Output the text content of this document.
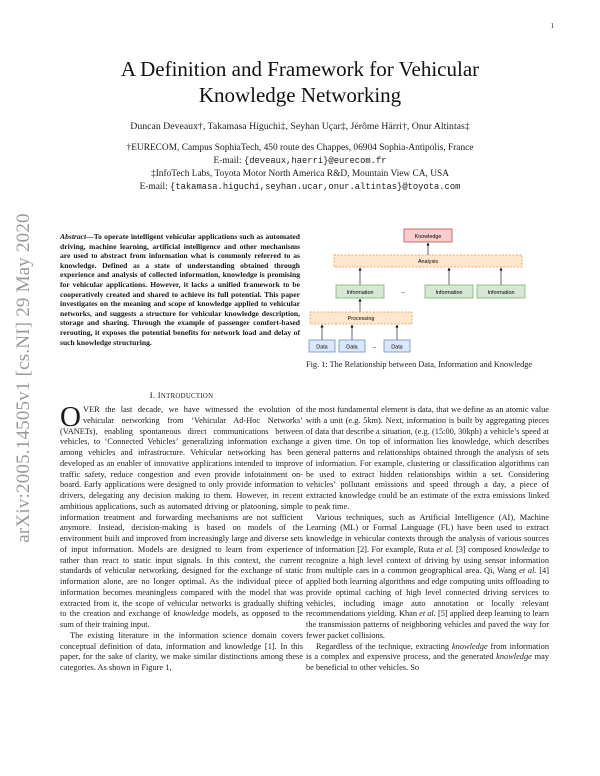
1
arXiv:2005.14505v1 [cs.NI] 29 May 2020
A Definition and Framework for Vehicular
Knowledge Networking
Duncan Deveaux†, Takamasa Higuchi‡, Seyhan Uçar‡, Jérôme Härri†, Onur Altintas‡
†EURECOM, Campus SophiaTech, 450 route des Chappes, 06904 Sophia-Antipolis, France
E-mail: {deveaux,haerri}@eurecom.fr
‡InfoTech Labs, Toyota Motor North America R&D, Mountain View CA, USA
E-mail: {takamasa.higuchi,seyhan.ucar,onur.altintas}@toyota.com
Abstract—To operate intelligent vehicular applications such as automated driving, machine learning, artificial intelligence and other mechanisms are used to abstract from information what is commonly referred to as knowledge. Defined as a state of understanding obtained through experience and analysis of collected information, knowledge is promising for vehicular applications. However, it lacks a unified framework to be cooperatively created and shared to achieve its full potential. This paper investigates on the meaning and scope of knowledge applied to vehicular networks, and suggests a structure for vehicular knowledge description, storage and sharing. Through the example of passenger comfort-based rerouting, it exposes the potential benefits for network load and delay of such knowledge structuring.
Knowledge
Analysis
Information	–	Information	Information
Processing
Data	Data	–	Data
Fig. 1: The Relationship between Data, Information and Knowledge
I. INTRODUCTION

OVER the last decade, we have witnessed the evolution of vehicular networking from ‘Vehicular Ad-Hoc Networks’ (VANETs), enabling spontaneous direct communications between vehicles, to ‘Connected Vehicles’ generalizing information exchange among vehicles and infrastructure. Vehicular networking has been developed as an enabler of innovative applications intended to improve traffic safety, reduce congestion and even provide infotainment on-board. Early applications were designed to only provide information to drivers, delegating any decision making to them. However, in recent ambitious applications, such as automated driving or platooning, simple information treatment and forwarding mechanisms are not sufficient anymore. Instead, decision-making is based on models of the environment built and improved from increasingly large and diverse sets of input information. Models are designed to learn from experience rather than react to static input signals. In this context, the current standards of vehicular networking, designed for the exchange of static information alone, are no longer optimal. As the individual piece of information becomes meaningless compared with the model that was extracted from it, the scope of vehicular networks is gradually shifting to the creation and exchange of knowledge models, as opposed to the sum of their training input.

The existing literature in the information science domain covers conceptual definition of data, information and knowledge [1]. In this paper, for the sake of clarity, we make similar distinctions among these categories. As shown in Figure 1,

the most fundamental element is data, that we define as an atomic value with a unit (e.g. 5km). Next, information is built by aggregating pieces of data that describe a situation, (e.g. (15:00, 30kph) a vehicle’s speed at a given time. On top of information lies knowledge, which describes general patterns and relationships obtained through the analysis of sets of information. For example, clustering or classification algorithms can be used to extract hidden relationships within a set. Considering vehicles’ pollutant emissions and speed through a day, a piece of extracted knowledge could be an estimate of the extra emissions linked to peak time.

Various techniques, such as Artificial Intelligence (AI), Machine Learning (ML) or Formal Language (FL) have been used to extract knowledge in vehicular contexts through the analysis of various sources of information [2]. For example, Ruta et al. [3] composed knowledge to recognize a high level context of driving by using sensor information from multiple cars in a common geographical area. Qi, Wang et al. [4] applied both learning algorithms and edge computing units offloading to provide optimal caching of high level connected driving services to vehicles, including image auto annotation or locally relevant recommendations yielding. Khan et al. [5] applied deep learning to learn the transmission patterns of neighboring vehicles and paved the way for fewer packet collisions.

Regardless of the technique, extracting knowledge from information is a complex and expensive process, and the generated knowledge may be beneficial to other vehicles. So
